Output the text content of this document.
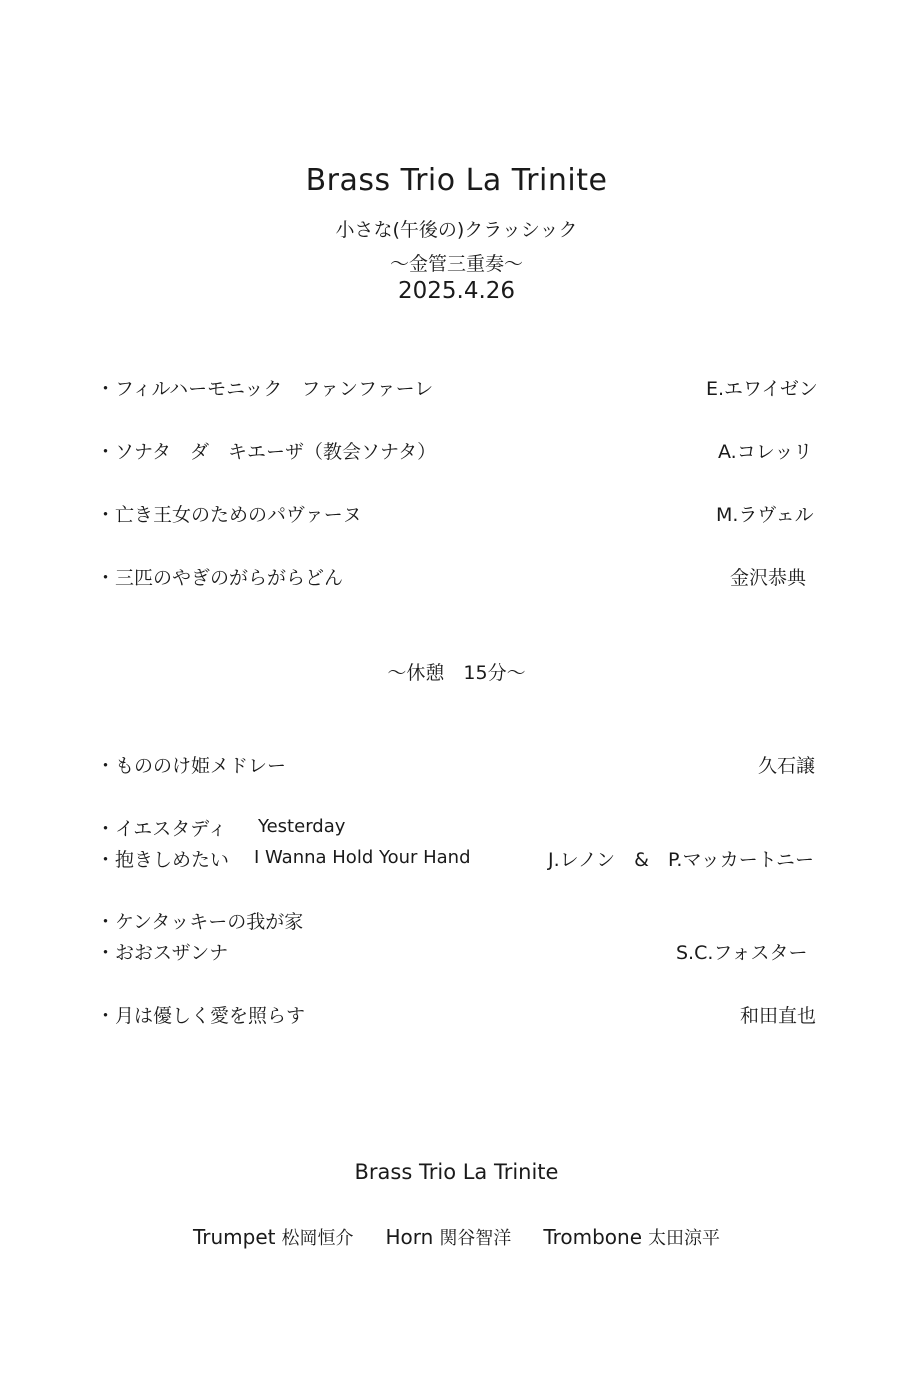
Brass Trio La Trinite
小さな(午後の)クラッシック
～金管三重奏～
2025.4.26
・フィルハーモニック　ファンファーレ	E.エワイゼン
・ソナタ　ダ　キエーザ（教会ソナタ）	A.コレッリ
・亡き王女のためのパヴァーヌ	M.ラヴェル
・三匹のやぎのがらがらどん	金沢恭典
～休憩　15分～
・もののけ姫メドレー	久石譲
・イエスタディ Yesterday
・抱きしめたい I Wanna Hold Your Hand	J.レノン　&　P.マッカートニー
・ケンタッキーの我が家
・おおスザンナ	S.C.フォスター
・月は優しく愛を照らす	和田直也
Brass Trio La Trinite
Trumpet 松岡恒介 Horn 関谷智洋 Trombone 太田涼平
